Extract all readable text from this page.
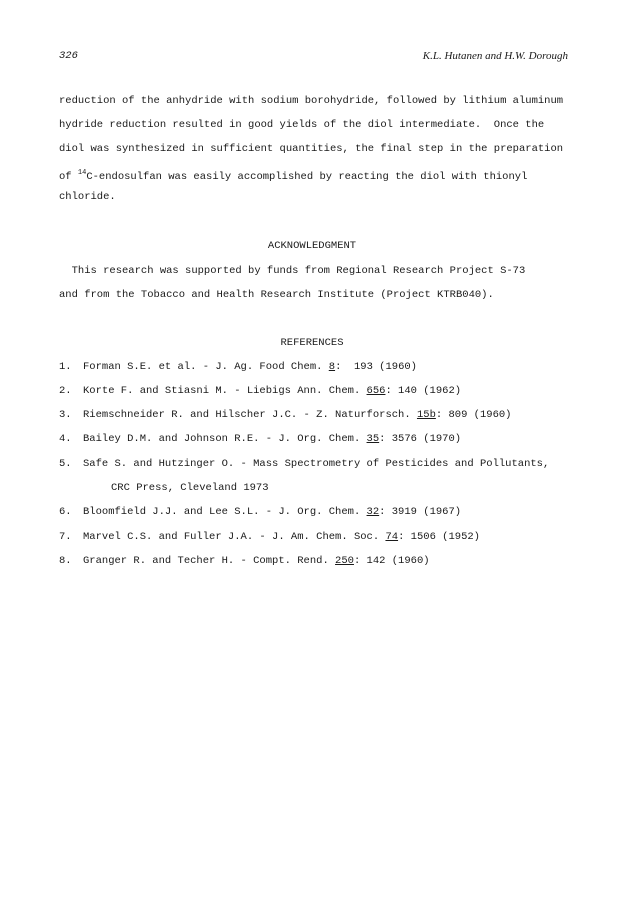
326	K.L. Hutanen and H.W. Dorough
reduction of the anhydride with sodium borohydride, followed by lithium aluminum
hydride reduction resulted in good yields of the diol intermediate.  Once the
diol was synthesized in sufficient quantities, the final step in the preparation
of $^{14}$C-endosulfan was easily accomplished by reacting the diol with thionyl
chloride.
ACKNOWLEDGMENT
This research was supported by funds from Regional Research Project S-73
and from the Tobacco and Health Research Institute (Project KTRB040).
REFERENCES
1. Forman S.E. et al. - J. Ag. Food Chem. 8:  193 (1960)
2. Korte F. and Stiasni M. - Liebigs Ann. Chem. 656: 140 (1962)
3. Riemschneider R. and Hilscher J.C. - Z. Naturforsch. 15b: 809 (1960)
4. Bailey D.M. and Johnson R.E. - J. Org. Chem. 35: 3576 (1970)
5. Safe S. and Hutzinger O. - Mass Spectrometry of Pesticides and Pollutants,
CRC Press, Cleveland 1973
6. Bloomfield J.J. and Lee S.L. - J. Org. Chem. 32: 3919 (1967)
7. Marvel C.S. and Fuller J.A. - J. Am. Chem. Soc. 74: 1506 (1952)
8. Granger R. and Techer H. - Compt. Rend. 250: 142 (1960)
